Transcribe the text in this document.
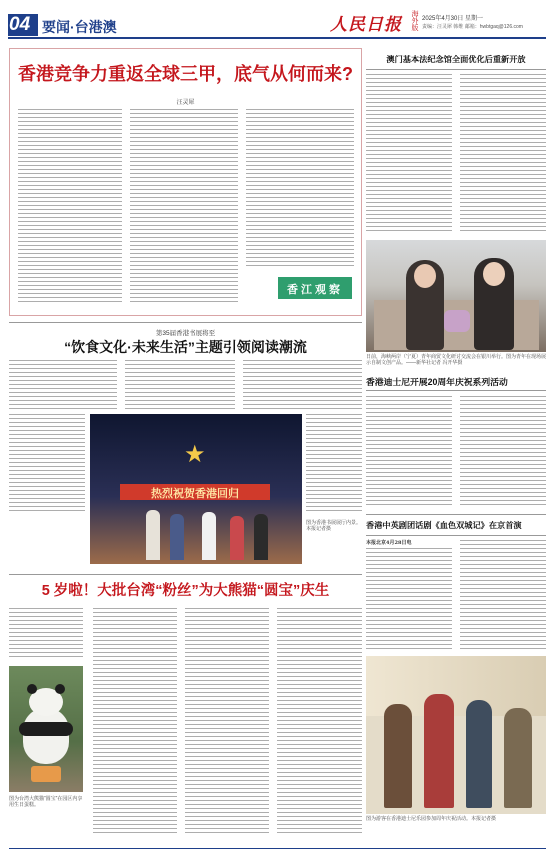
04 要闻·台港澳	人民日报 海外版 2025年4月30日 星期一
责编：汪灵犀 韩维 邮箱：hwbtgaq@126.com
香港竞争力重返全球三甲，底气从何而来?
汪灵犀
香江观察
澳门基本法纪念馆全面优化后重新开放
日前，海峡两岸（宁夏）青年商贸文化研讨交流会在银川举行。图为青年在现场展示自制文创产品。——新华社记者 冯开华摄
香港迪士尼开展20周年庆祝系列活动
香港中英剧团话剧《血色双城记》在京首演
本报北京4月28日电
图为游客在香港迪士尼乐园参加周年庆祝活动。本报记者摄
第35届香港书展将至
“饮食文化·未来生活”主题引领阅读潮流
热烈祝贺香港回归
★
图为香港书展展厅内景。本报记者摄
5 岁啦！大批台湾“粉丝”为大熊猫“圆宝”庆生
图为台湾大熊猫“圆宝”在园区内享用生日蛋糕。
